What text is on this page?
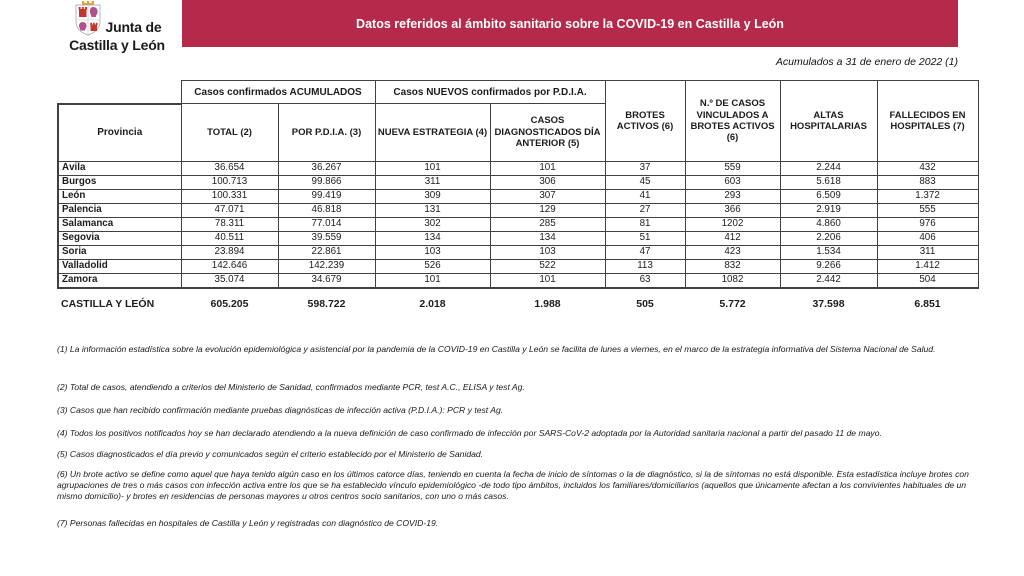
Junta de
Castilla y León
Datos referidos al ámbito sanitario sobre la COVID-19 en Castilla y León
Acumulados a 31 de enero de 2022 (1)
	Casos confirmados ACUMULADOS		Casos NUEVOS confirmados por P.D.I.A.		BROTES ACTIVOS (6)	N.º DE CASOS VINCULADOS A BROTES ACTIVOS (6)	ALTAS HOSPITALARIAS	FALLECIDOS EN HOSPITALES (7)
Provincia	TOTAL (2)	POR P.D.I.A. (3)	NUEVA ESTRATEGIA (4)	CASOS DIAGNOSTICADOS DÍA ANTERIOR (5)				
Ávila	36.654	36.267	101	101	37	559	2.244	432
Burgos	100.713	99.866	311	306	45	603	5.618	883
León	100.331	99.419	309	307	41	293	6.509	1.372
Palencia	47.071	46.818	131	129	27	366	2.919	555
Salamanca	78.311	77.014	302	285	81	1202	4.860	976
Segovia	40.511	39.559	134	134	51	412	2.206	406
Soria	23.894	22.861	103	103	47	423	1.534	311
Valladolid	142.646	142.239	526	522	113	832	9.266	1.412
Zamora	35.074	34.679	101	101	63	1082	2.442	504
CASTILLA Y LEÓN	605.205	598.722	2.018	1.988	505	5.772	37.598	6.851
(1) La información estadística sobre la evolución epidemiológica y asistencial por la pandemia de la COVID-19 en Castilla y León se facilita de lunes a viernes, en el marco de la estrategia informativa del Sistema Nacional de Salud.
(2) Total de casos, atendiendo a criterios del Ministerio de Sanidad, confirmados mediante PCR, test A.C., ELISA y test Ag.
(3) Casos que han recibido confirmación mediante pruebas diagnósticas de infección activa (P.D.I.A.): PCR y test Ag.
(4) Todos los positivos notificados hoy se han declarado atendiendo a la nueva definición de caso confirmado de infección por SARS-CoV-2 adoptada por la Autoridad sanitaria nacional a partir del pasado 11 de mayo.
(5) Casos diagnosticados el día previo y comunicados según el criterio establecido por el Ministerio de Sanidad.
(6) Un brote activo se define como aquel que haya tenido algún caso en los últimos catorce días, teniendo en cuenta la fecha de inicio de síntomas o la de diagnóstico, si la de síntomas no está disponible. Esta estadística incluye brotes con agrupaciones de tres o más casos con infección activa entre los que se ha establecido vínculo epidemiológico -de todo tipo ámbitos, incluidos los familiares/domiciliarios (aquellos que únicamente afectan a los convivientes habituales de un mismo domicilio)- y brotes en residencias de personas mayores u otros centros socio sanitarios, con uno o más casos.
(7) Personas fallecidas en hospitales de Castilla y León y registradas con diagnóstico de COVID-19.
